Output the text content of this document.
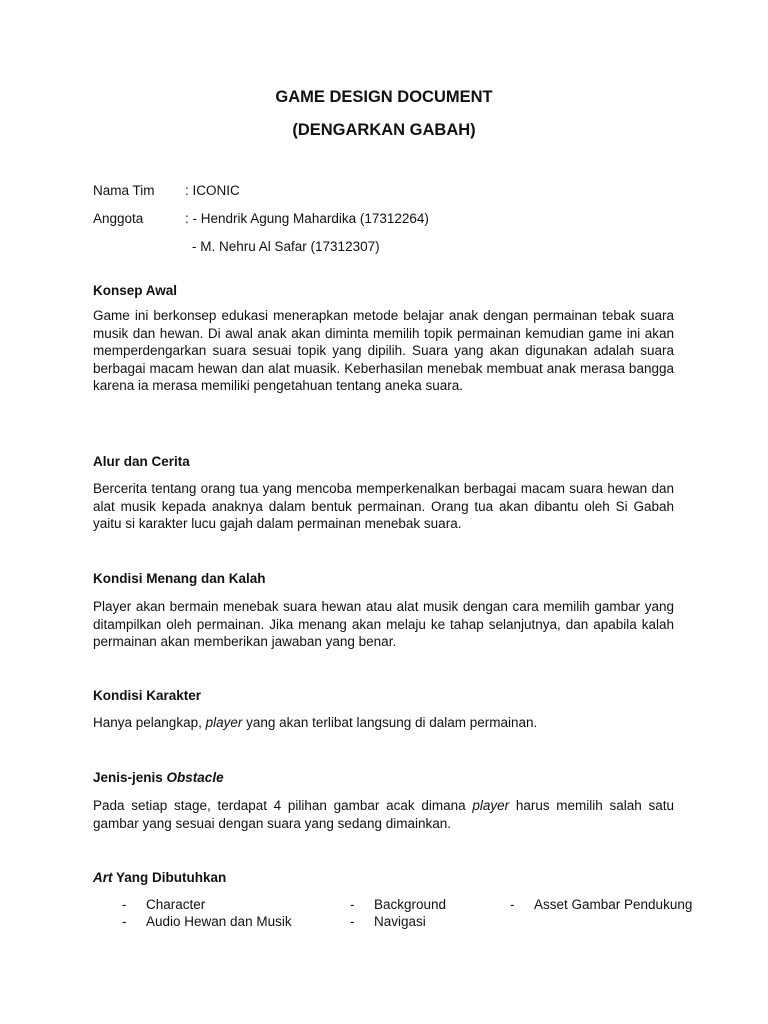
GAME DESIGN DOCUMENT
(DENGARKAN GABAH)
Nama Tim : ICONIC
Anggota	: - Hendrik Agung Mahardika (17312264)
- M. Nehru Al Safar (17312307)
Konsep Awal
Game ini berkonsep edukasi menerapkan metode belajar anak dengan permainan tebak suara musik dan hewan. Di awal anak akan diminta memilih topik permainan kemudian game ini akan memperdengarkan suara sesuai topik yang dipilih. Suara yang akan digunakan adalah suara berbagai macam hewan dan alat muasik. Keberhasilan menebak membuat anak merasa bangga karena ia merasa memiliki pengetahuan tentang aneka suara.
Alur dan Cerita
Bercerita tentang orang tua yang mencoba memperkenalkan berbagai macam suara hewan dan alat musik kepada anaknya dalam bentuk permainan. Orang tua akan dibantu oleh Si Gabah yaitu si karakter lucu gajah dalam permainan menebak suara.
Kondisi Menang dan Kalah
Player akan bermain menebak suara hewan atau alat musik dengan cara memilih gambar yang ditampilkan oleh permainan. Jika menang akan melaju ke tahap selanjutnya, dan apabila kalah permainan akan memberikan jawaban yang benar.
Kondisi Karakter
Hanya pelangkap, player yang akan terlibat langsung di dalam permainan.
Jenis-jenis Obstacle
Pada setiap stage, terdapat 4 pilihan gambar acak dimana player harus memilih salah satu gambar yang sesuai dengan suara yang sedang dimainkan.
Art Yang Dibutuhkan
- Character	- Background	- Asset Gambar Pendukung
- Audio Hewan dan Musik	- Navigasi
